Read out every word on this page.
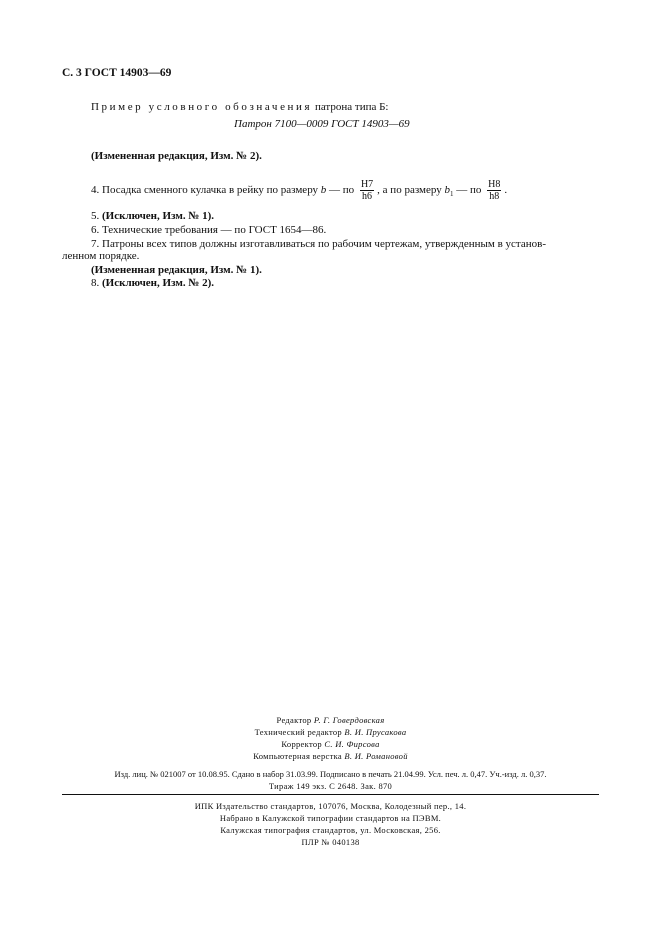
С. 3 ГОСТ 14903—69
Пример условного обозначения патрона типа Б:
Патрон 7100—0009 ГОСТ 14903—69
(Измененная редакция, Изм. № 2).
4. Посадка сменного кулачка в рейку по размеру b — по $\frac{H7}{h6}$ , а по размеру $b_1$ — по $\frac{H8}{h8}$ .
5. (Исключен, Изм. № 1).
6. Технические требования — по ГОСТ 1654—86.
7. Патроны всех типов должны изготавливаться по рабочим чертежам, утвержденным в установ-
ленном порядке.
(Измененная редакция, Изм. № 1).
8. (Исключен, Изм. № 2).
Редактор Р. Г. Говердовская
Технический редактор В. И. Прусакова
Корректор С. И. Фирсова
Компьютерная верстка В. И. Романовой
Изд. лиц. № 021007 от 10.08.95. Сдано в набор 31.03.99. Подписано в печать 21.04.99. Усл. печ. л. 0,47. Уч.-изд. л. 0,37.
Тираж 149 экз. С 2648. Зак. 870
ИПК Издательство стандартов, 107076, Москва, Колодезный пер., 14.
Набрано в Калужской типографии стандартов на ПЭВМ.
Калужская типография стандартов, ул. Московская, 256.
ПЛР № 040138
